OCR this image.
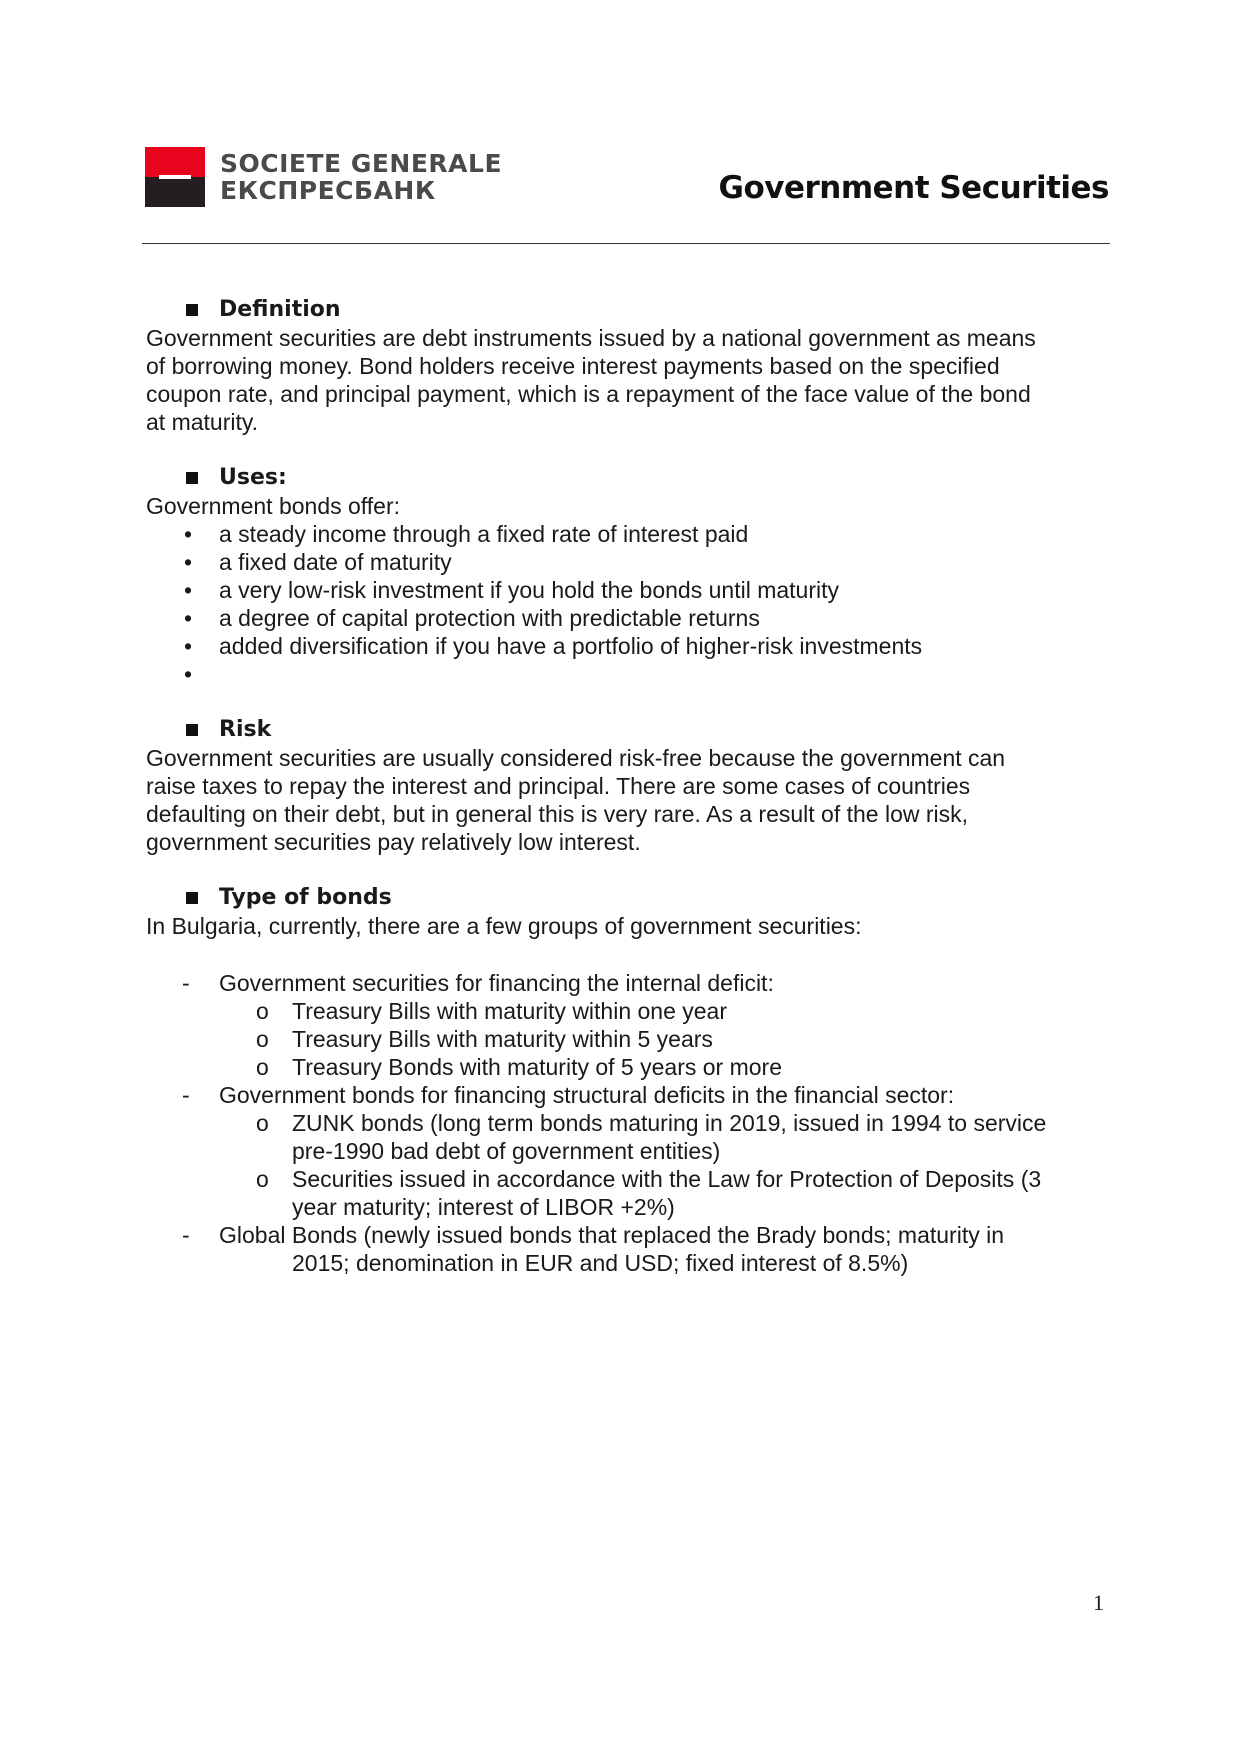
SOCIETE GENERALE
ЕКСПРЕСБАНК	Government Securities
Definition

Government securities are debt instruments issued by a national government as means
of borrowing money. Bond holders receive interest payments based on the specified
coupon rate, and principal payment, which is a repayment of the face value of the bond
at maturity.

Uses:

Government bonds offer:

• a steady income through a fixed rate of interest paid
• a fixed date of maturity
• a very low-risk investment if you hold the bonds until maturity
• a degree of capital protection with predictable returns
• added diversification if you have a portfolio of higher-risk investments
•
Risk

Government securities are usually considered risk-free because the government can
raise taxes to repay the interest and principal. There are some cases of countries
defaulting on their debt, but in general this is very rare. As a result of the low risk,
government securities pay relatively low interest.

Type of bonds

In Bulgaria, currently, there are a few groups of government securities:

- Government securities for financing the internal deficit:
o Treasury Bills with maturity within one year
o Treasury Bills with maturity within 5 years
o Treasury Bonds with maturity of 5 years or more
- Government bonds for financing structural deficits in the financial sector:
o ZUNK bonds (long term bonds maturing in 2019, issued in 1994 to service
pre-1990 bad debt of government entities)
o Securities issued in accordance with the Law for Protection of Deposits (3
year maturity; interest of LIBOR +2%)
- Global Bonds (newly issued bonds that replaced the Brady bonds; maturity in
2015; denomination in EUR and USD; fixed interest of 8.5%)
1
